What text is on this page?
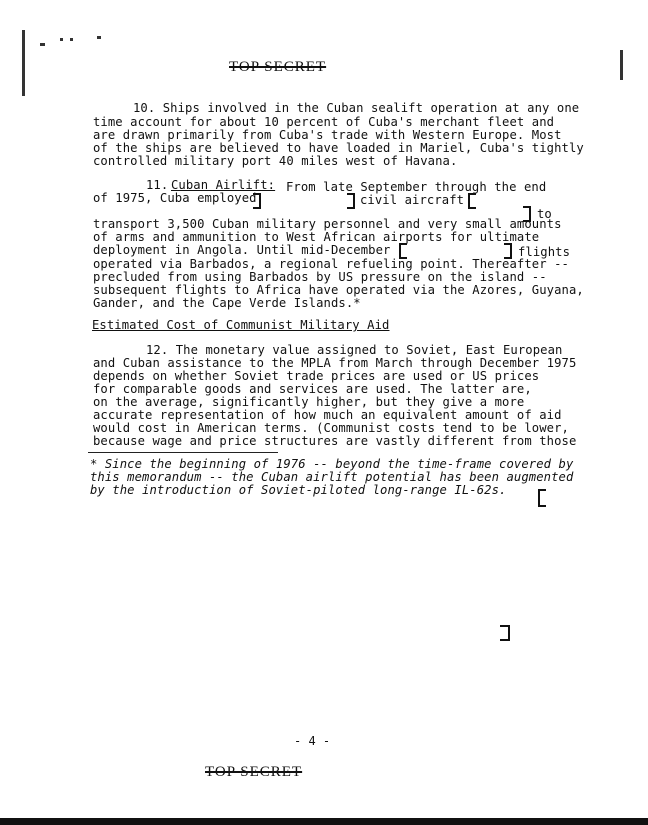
TOP SECRET
10. Ships involved in the Cuban sealift operation at any one
time account for about 10 percent of Cuba's merchant fleet and
are drawn primarily from Cuba's trade with Western Europe. Most
of the ships are believed to have loaded in Mariel, Cuba's tightly
controlled military port 40 miles west of Havana.
11. Cuban Airlift: From late September through the end
of 1975, Cuba employed	civil aircraft
to
transport 3,500 Cuban military personnel and very small amounts
of arms and ammunition to West African airports for ultimate
deployment in Angola. Until mid-December	flights
operated via Barbados, a regional refueling point. Thereafter --
precluded from using Barbados by US pressure on the island --
subsequent flights to Africa have operated via the Azores, Guyana,
Gander, and the Cape Verde Islands.*
Estimated Cost of Communist Military Aid
12. The monetary value assigned to Soviet, East European
and Cuban assistance to the MPLA from March through December 1975
depends on whether Soviet trade prices are used or US prices
for comparable goods and services are used. The latter are,
on the average, significantly higher, but they give a more
accurate representation of how much an equivalent amount of aid
would cost in American terms. (Communist costs tend to be lower,
because wage and price structures are vastly different from those
* Since the beginning of 1976 -- beyond the time-frame covered by
this memorandum -- the Cuban airlift potential has been augmented
by the introduction of Soviet-piloted long-range IL-62s.
- 4 -
TOP SECRET
